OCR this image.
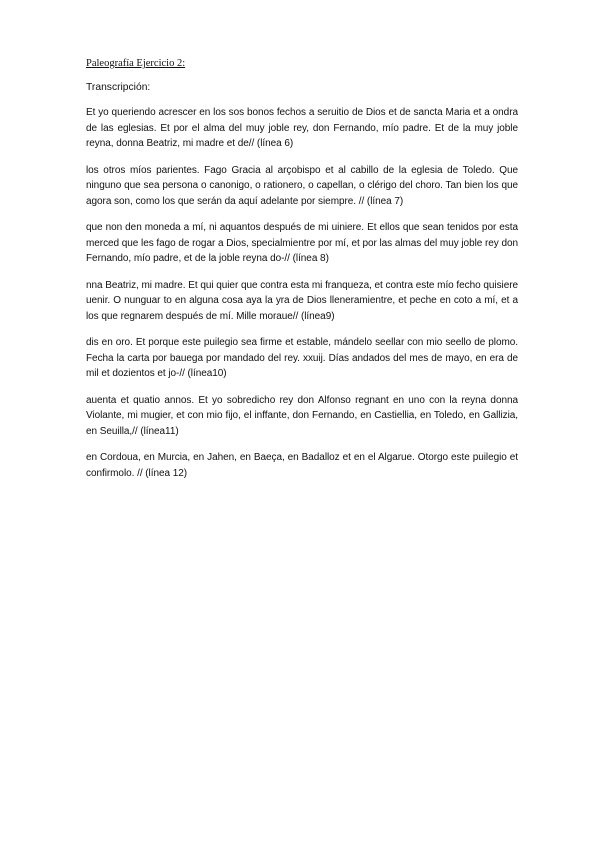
Paleografía Ejercicio 2:
Transcripción:

Et yo queriendo acrescer en los sos bonos fechos a seruitio de Dios et de sancta Maria et a ondra de las eglesias. Et por el alma del muy joble rey, don Fernando, mío padre. Et de la muy joble reyna, donna Beatriz, mi madre et de// (línea 6)

los otros míos parientes. Fago Gracia al arçobispo et al cabillo de la eglesia de Toledo. Que ninguno que sea persona o canonigo, o rationero, o capellan, o clérigo del choro. Tan bien los que agora son, como los que serán da aquí adelante por siempre. // (línea 7)

que non den moneda a mí, ni aquantos después de mi uiniere. Et ellos que sean tenidos por esta merced que les fago de rogar a Dios, specialmientre por mí, et por las almas del muy joble rey don Fernando, mío padre, et de la joble reyna do-// (línea 8)

nna Beatriz, mi madre. Et qui quier que contra esta mi franqueza, et contra este mío fecho quisiere uenir. O nunguar to en alguna cosa aya la yra de Dios lleneramientre, et peche en coto a mí, et a los que regnarem después de mí. Mille moraue// (línea9)

dis en oro. Et porque este puilegio sea firme et estable, mándelo seellar con mio seello de plomo. Fecha la carta por bauega por mandado del rey. xxuij. Días andados del mes de mayo, en era de mil et dozientos et jo-// (línea10)

auenta et quatio annos. Et yo sobredicho rey don Alfonso regnant en uno con la reyna donna Violante, mi mugier, et con mio fijo, el inffante, don Fernando, en Castiellia, en Toledo, en Gallizia, en Seuilla,// (línea11)

en Cordoua, en Murcia, en Jahen, en Baeça, en Badalloz et en el Algarue. Otorgo este puilegio et confirmolo. // (línea 12)
